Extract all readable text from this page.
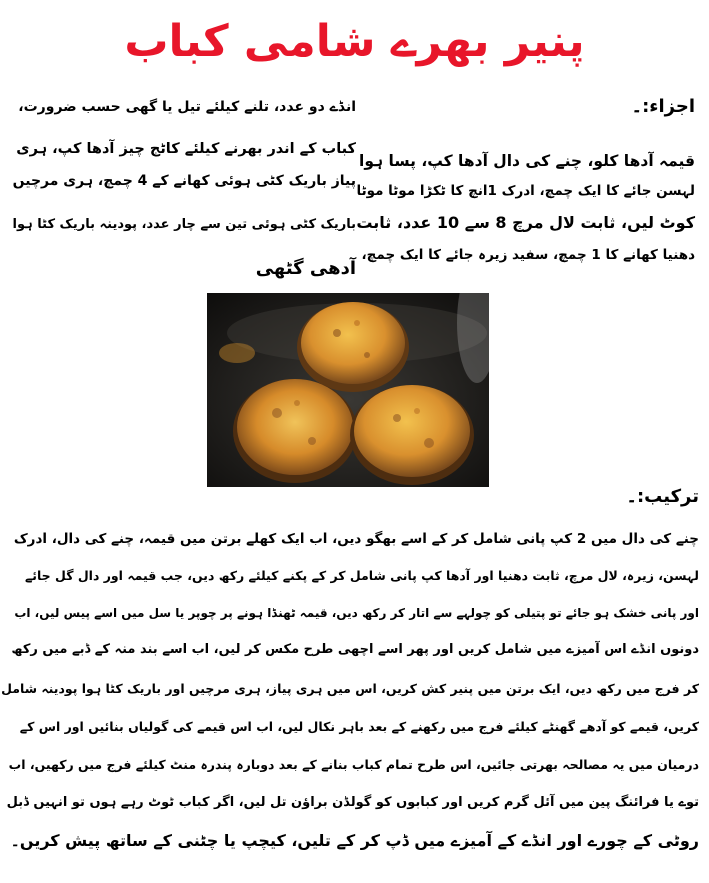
پنیر بھرے شامی کباب
اجزاء:۔
قیمہ آدھا کلو، چنے کی دال آدھا کپ، پسا ہوا
لہسن جائے کا ایک چمچ، ادرک 1انچ کا ٹکڑا موٹا موٹا
کوٹ لیں، ثابت لال مرچ 8 سے 10 عدد، ثابت
دھنیا کھانے کا 1 چمچ، سفید زیرہ جائے کا ایک چمچ،
انڈے دو عدد، تلنے کیلئے تیل یا گھی حسب ضرورت،
کباب کے اندر بھرنے کیلئے کاٹج چیز آدھا کپ، ہری
پیاز باریک کٹی ہوئی کھانے کے 4 چمچ، ہری مرچیں
باریک کٹی ہوئی تین سے چار عدد، پودینہ باریک کٹا ہوا
آدھی گٹھی
ترکیب:۔
چنے کی دال میں 2 کپ پانی شامل کر کے اسے بھگو دیں، اب ایک کھلے برتن میں قیمہ، چنے کی دال، ادرک
لہسن، زیرہ، لال مرچ، ثابت دھنیا اور آدھا کپ پانی شامل کر کے پکنے کیلئے رکھ دیں، جب قیمہ اور دال گل جائے
اور پانی خشک ہو جائے تو پتیلی کو چولہے سے اتار کر رکھ دیں، قیمہ ٹھنڈا ہونے پر چوپر یا سل میں اسے پیس لیں، اب
دونوں انڈے اس آمیزے میں شامل کریں اور پھر اسے اچھی طرح مکس کر لیں، اب اسے بند منہ کے ڈبے میں رکھ
کر فرج میں رکھ دیں، ایک برتن میں پنیر کش کریں، اس میں ہری پیاز، ہری مرچیں اور باریک کٹا ہوا پودینہ شامل
کریں، قیمے کو آدھے گھنٹے کیلئے فرج میں رکھنے کے بعد باہر نکال لیں، اب اس قیمے کی گولیاں بنائیں اور اس کے
درمیان میں یہ مصالحہ بھرتی جائیں، اس طرح تمام کباب بنانے کے بعد دوبارہ پندرہ منٹ کیلئے فرج میں رکھیں، اب
توے یا فرائنگ پین میں آئل گرم کریں اور کبابوں کو گولڈن براؤن تل لیں، اگر کباب ٹوٹ رہے ہوں تو انہیں ڈبل
روٹی کے چورے اور انڈے کے آمیزے میں ڈپ کر کے تلیں، کیچپ یا چٹنی کے ساتھ پیش کریں۔
